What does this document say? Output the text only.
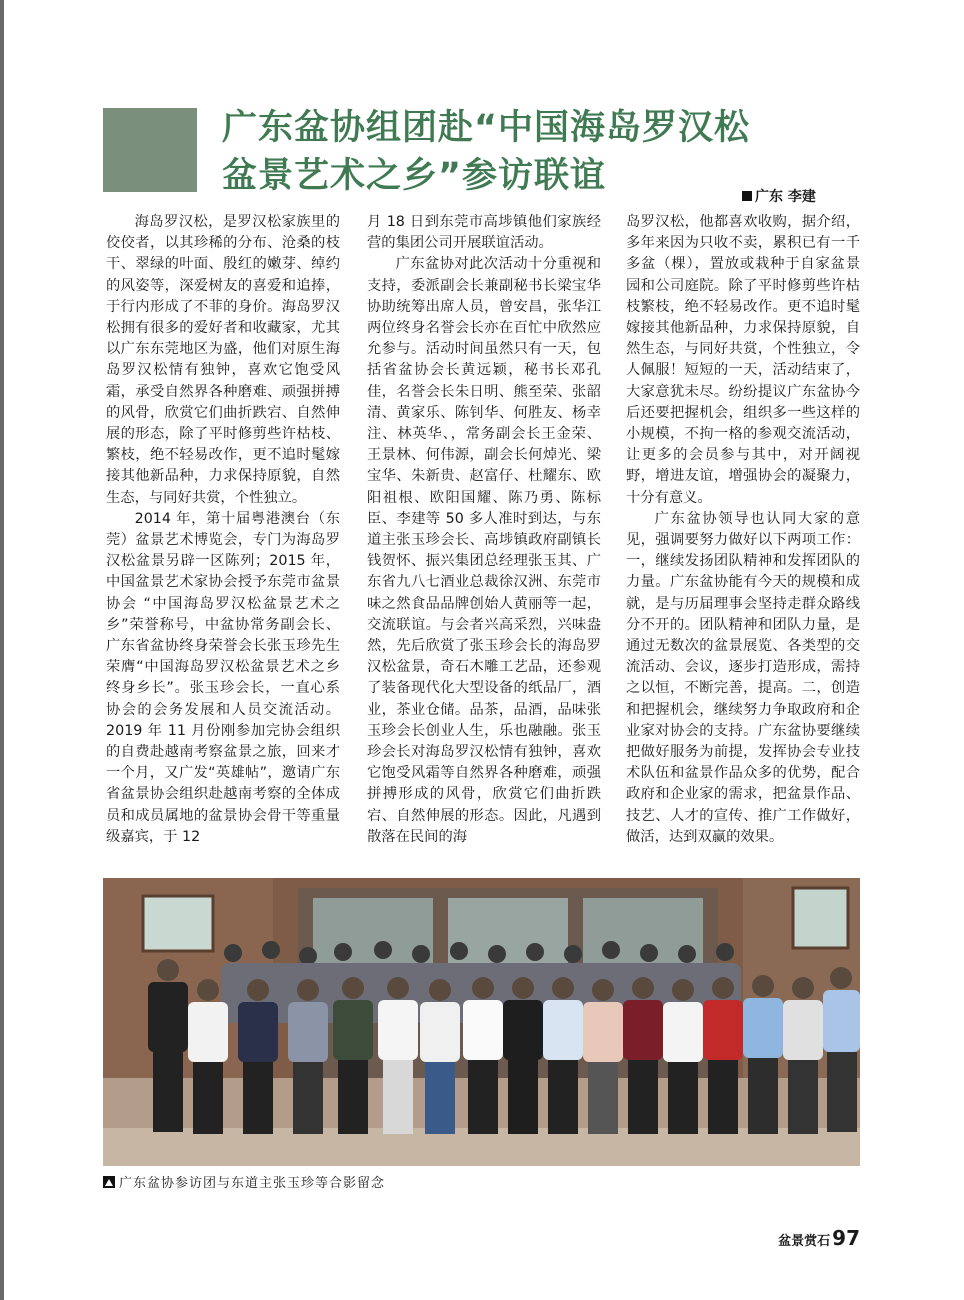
广东盆协组团赴“中国海岛罗汉松
盆景艺术之乡”参访联谊
广东 李建

海岛罗汉松，是罗汉松家族里的佼佼者，以其珍稀的分布、沧桑的枝干、翠绿的叶面、殷红的嫩芽、绰约的风姿等，深爱树友的喜爱和追捧，于行内形成了不菲的身价。海岛罗汉松拥有很多的爱好者和收藏家，尤其以广东东莞地区为盛，他们对原生海岛罗汉松情有独钟，喜欢它饱受风霜，承受自然界各种磨难、顽强拼搏的风骨，欣赏它们曲折跌宕、自然伸展的形态，除了平时修剪些许枯枝、繁枝，绝不轻易改作，更不追时髦嫁接其他新品种，力求保持原貌，自然生态，与同好共赏，个性独立。

2014 年，第十届粤港澳台（东莞）盆景艺术博览会，专门为海岛罗汉松盆景另辟一区陈列；2015 年，中国盆景艺术家协会授予东莞市盆景协会 “中国海岛罗汉松盆景艺术之乡”荣誉称号，中盆协常务副会长、广东省盆协终身荣誉会长张玉珍先生荣膺“中国海岛罗汉松盆景艺术之乡终身乡长”。张玉珍会长，一直心系协会的会务发展和人员交流活动。2019 年 11 月份刚参加完协会组织的自费赴越南考察盆景之旅，回来才一个月，又广发“英雄帖”，邀请广东省盆景协会组织赴越南考察的全体成员和成员属地的盆景协会骨干等重量级嘉宾，于 12

月 18 日到东莞市高埗镇他们家族经营的集团公司开展联谊活动。

广东盆协对此次活动十分重视和支持，委派副会长兼副秘书长梁宝华协助统筹出席人员，曾安昌，张华江两位终身名誉会长亦在百忙中欣然应允参与。活动时间虽然只有一天，包括省盆协会长黄远颖，秘书长邓孔佳，名誉会长朱日明、熊至荣、张韶清、黄家乐、陈钊华、何胜友、杨幸注、林英华、，常务副会长王金荣、王景林、何伟源，副会长何焯光、梁宝华、朱新贵、赵富仔、杜耀东、欧阳祖根、欧阳国耀、陈乃勇、陈标臣、李建等 50 多人准时到达，与东道主张玉珍会长、高埗镇政府副镇长钱贺怀、振兴集团总经理张玉其、广东省九八七酒业总裁徐汉洲、东莞市味之然食品品牌创始人黄丽等一起，交流联谊。与会者兴高采烈，兴味盎然，先后欣赏了张玉珍会长的海岛罗汉松盆景，奇石木雕工艺品，还参观了装备现代化大型设备的纸品厂，酒业，茶业仓储。品茶，品酒，品味张玉珍会长创业人生，乐也融融。张玉珍会长对海岛罗汉松情有独钟，喜欢它饱受风霜等自然界各种磨难，顽强拼搏形成的风骨，欣赏它们曲折跌宕、自然伸展的形态。因此，凡遇到散落在民间的海

岛罗汉松，他都喜欢收购，据介绍，多年来因为只收不卖，累积已有一千多盆（棵），置放或栽种于自家盆景园和公司庭院。除了平时修剪些许枯枝繁枝，绝不轻易改作。更不追时髦嫁接其他新品种，力求保持原貌，自然生态，与同好共赏，个性独立，令人佩服！短短的一天，活动结束了，大家意犹未尽。纷纷提议广东盆协今后还要把握机会，组织多一些这样的小规模，不拘一格的参观交流活动，让更多的会员参与其中，对开阔视野，增进友谊，增强协会的凝聚力，十分有意义。

广东盆协领导也认同大家的意见，强调要努力做好以下两项工作：一，继续发扬团队精神和发挥团队的力量。广东盆协能有今天的规模和成就，是与历届理事会坚持走群众路线分不开的。团队精神和团队力量，是通过无数次的盆景展览、各类型的交流活动、会议，逐步打造形成，需持之以恒，不断完善，提高。二，创造和把握机会，继续努力争取政府和企业家对协会的支持。广东盆协要继续把做好服务为前提，发挥协会专业技术队伍和盆景作品众多的优势，配合政府和企业家的需求，把盆景作品、技艺、人才的宣传、推广工作做好，做活，达到双赢的效果。

广东盆协参访团与东道主张玉珍等合影留念
盆景赏石 97
